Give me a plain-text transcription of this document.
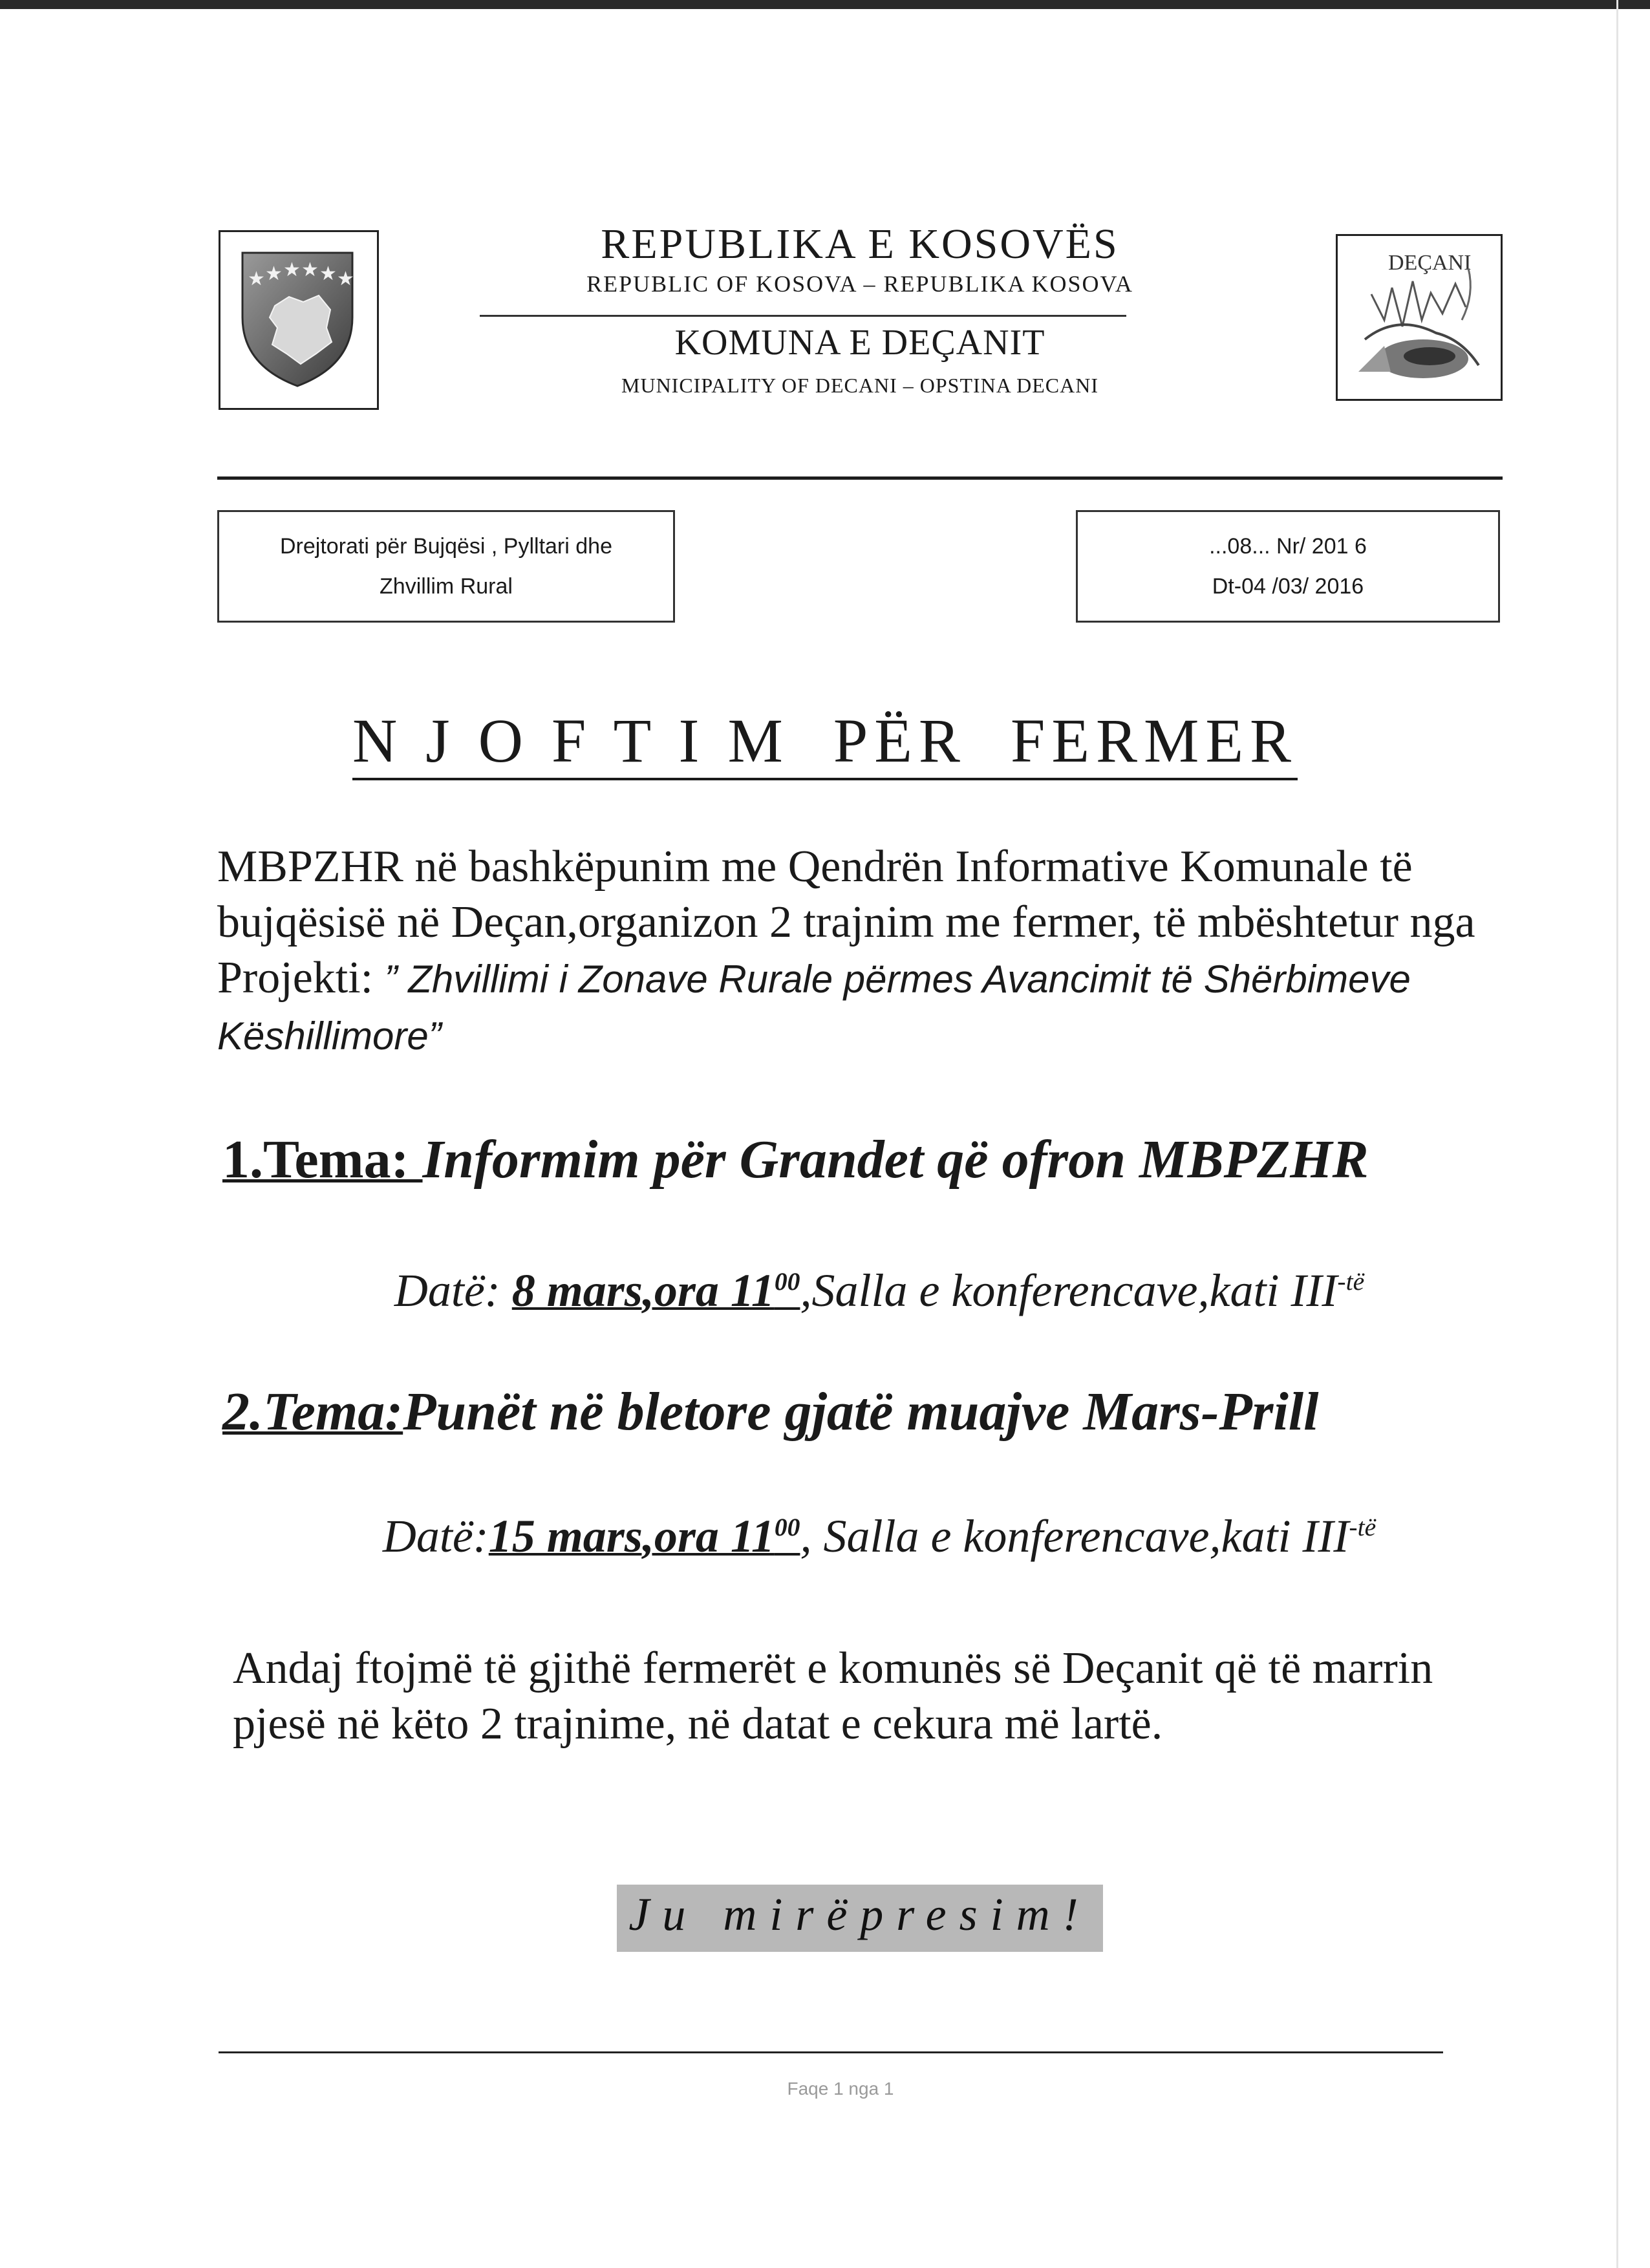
★ ★ ★ ★ ★ ★
REPUBLIKA E KOSOVËS
REPUBLIC OF KOSOVA – REPUBLIKA KOSOVA
KOMUNA E DEÇANIT
MUNICIPALITY OF DECANI – OPSTINA DECANI
DEÇANI
Drejtorati për Bujqësi , Pylltari dhe
Zhvillim Rural
...08... Nr/ 201 6
Dt-04 /03/ 2016
N J O F T I M  PËR  FERMER
MBPZHR në bashkëpunim me Qendrën Informative Komunale të bujqësisë në Deçan,organizon 2 trajnim me fermer, të mbështetur nga Projekti: ” Zhvillimi i Zonave Rurale përmes Avancimit të Shërbimeve Këshillimore”
1.Tema: Informim për Grandet që ofron MBPZHR
Datë: 8 mars,ora $11^{00},Salla$ e konferencave,kati $III^{-të}$
2.Tema:Punët në bletore gjatë muajve Mars-Prill
Datë:15 mars,ora $11^{00}$, Salla e konferencave,kati $III^{-të}$
Andaj ftojmë të gjithë fermerët e komunës së Deçanit që të marrin pjesë në këto 2 trajnime, në datat e cekura më lartë.
Ju mirëpresim!
Faqe 1 nga 1
